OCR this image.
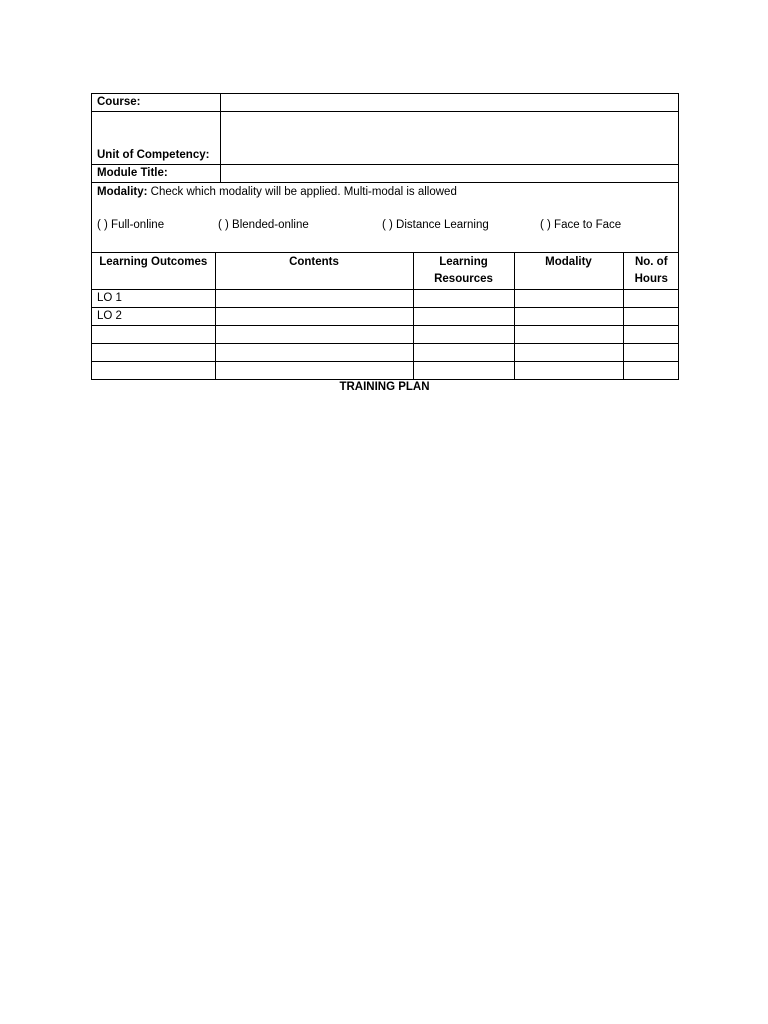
Course:	
Unit of Competency:	
Module Title:	

Modality: Check which modality will be applied. Multi-modal is allowed
( ) Full-online	( ) Blended-online	( ) Distance Learning	( ) Face to Face

Learning Outcomes	Contents	Learning Resources	Modality	No. of Hours
LO 1				
LO 2				

TRAINING PLAN
